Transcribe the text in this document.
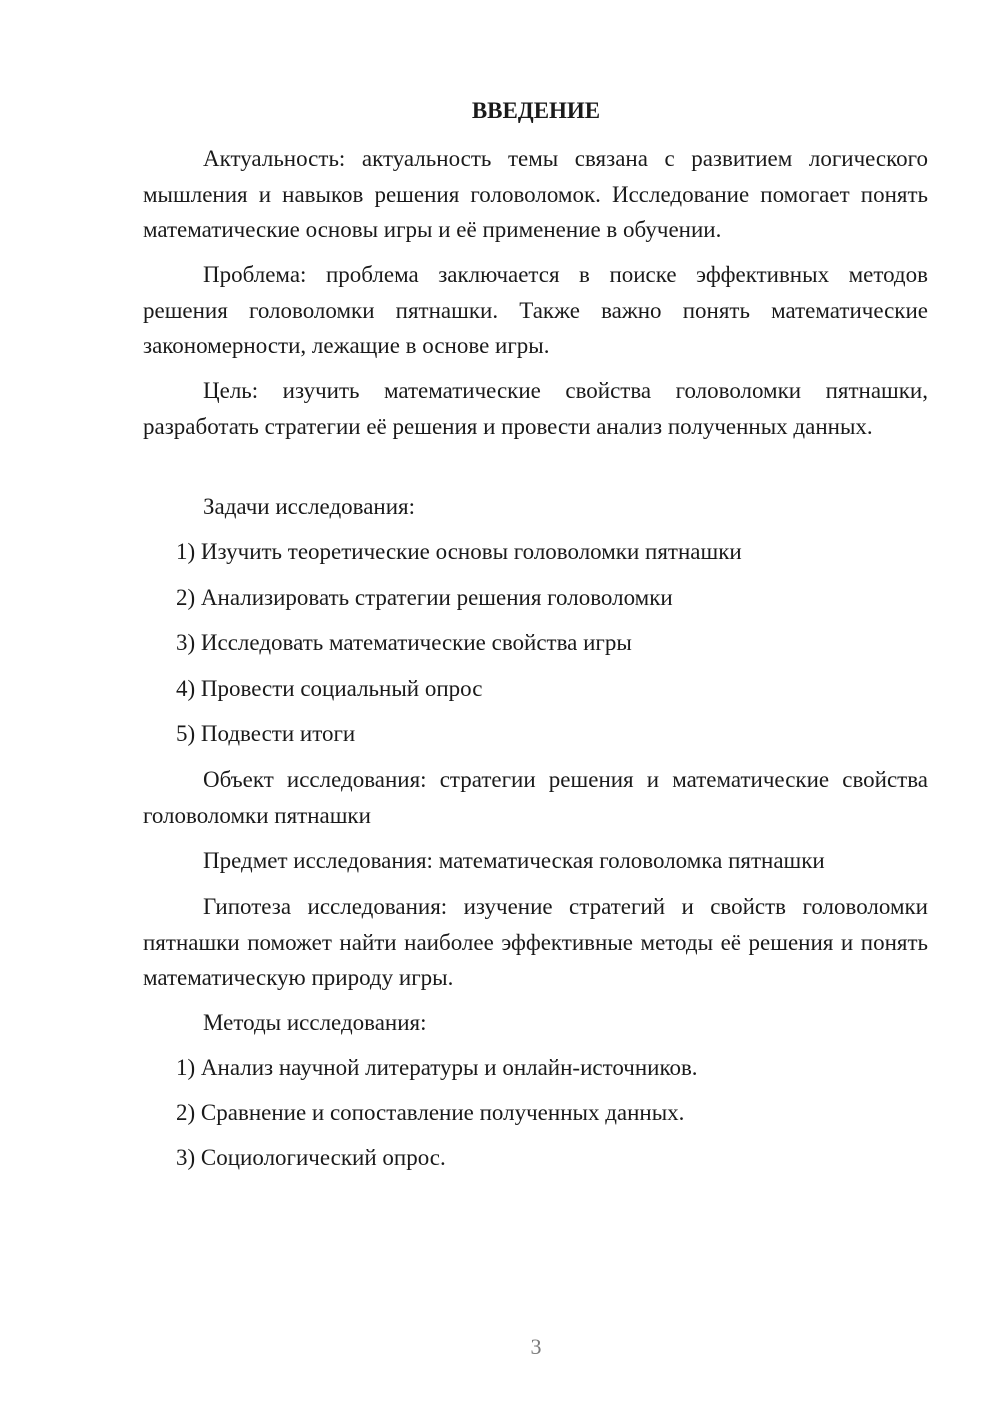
ВВЕДЕНИЕ

Актуальность: актуальность темы связана с развитием логического мышления и навыков решения головоломок. Исследование помогает понять математические основы игры и её применение в обучении.

Проблема: проблема заключается в поиске эффективных методов решения головоломки пятнашки. Также важно понять математические закономерности, лежащие в основе игры.

Цель: изучить математические свойства головоломки пятнашки, разработать стратегии её решения и провести анализ полученных данных.

Задачи исследования:

1) Изучить теоретические основы головоломки пятнашки

2) Анализировать стратегии решения головоломки

3) Исследовать математические свойства игры

4) Провести социальный опрос

5) Подвести итоги

Объект исследования: стратегии решения и математические свойства головоломки пятнашки

Предмет исследования: математическая головоломка пятнашки

Гипотеза исследования: изучение стратегий и свойств головоломки пятнашки поможет найти наиболее эффективные методы её решения и понять математическую природу игры.

Методы исследования:

1) Анализ научной литературы и онлайн-источников.

2) Сравнение и сопоставление полученных данных.

3) Социологический опрос.

3
